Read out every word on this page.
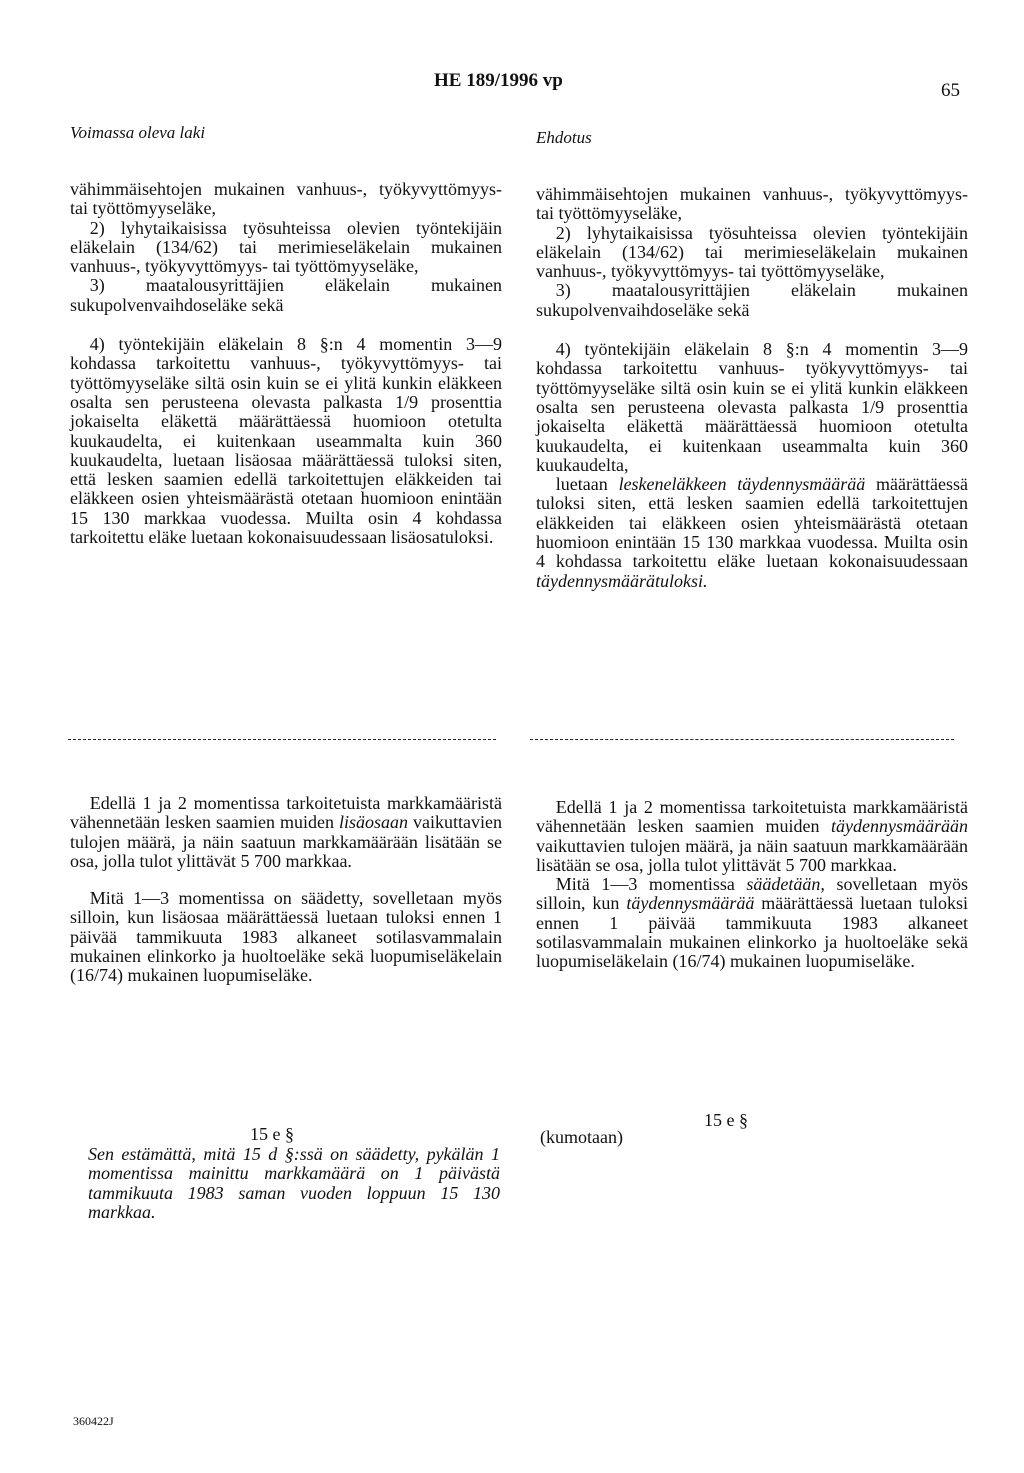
HE 189/1996 vp	65
Voimassa oleva laki	Ehdotus

vähimmäisehtojen mukainen vanhuus-, työkyvyttömyys- tai työttömyyseläke,

2) lyhytaikaisissa työsuhteissa olevien työntekijäin eläkelain (134/62) tai merimieseläkelain mukainen vanhuus-, työkyvyttömyys- tai työttömyyseläke,

3) maatalousyrittäjien eläkelain mukainen sukupolvenvaihdoseläke sekä

4) työntekijäin eläkelain 8 §:n 4 momentin 3—9 kohdassa tarkoitettu vanhuus-, työkyvyttömyys- tai työttömyyseläke siltä osin kuin se ei ylitä kunkin eläkkeen osalta sen perusteena olevasta palkasta 1/9 prosenttia jokaiselta eläkettä määrättäessä huomioon otetulta kuukaudelta, ei kuitenkaan useammalta kuin 360 kuukaudelta, luetaan lisäosaa määrättäessä tuloksi siten, että lesken saamien edellä tarkoitettujen eläkkeiden tai eläkkeen osien yhteismäärästä otetaan huomioon enintään 15 130 markkaa vuodessa. Muilta osin 4 kohdassa tarkoitettu eläke luetaan kokonaisuudessaan lisäosatuloksi.

Edellä 1 ja 2 momentissa tarkoitetuista markkamääristä vähennetään lesken saamien muiden lisäosaan vaikuttavien tulojen määrä, ja näin saatuun markkamäärään lisätään se osa, jolla tulot ylittävät 5 700 markkaa.

Mitä 1—3 momentissa on säädetty, sovelletaan myös silloin, kun lisäosaa määrättäessä luetaan tuloksi ennen 1 päivää tammikuuta 1983 alkaneet sotilasvammalain mukainen elinkorko ja huoltoeläke sekä luopumiseläkelain (16/74) mukainen luopumiseläke.

15 e §

Sen estämättä, mitä 15 d §:ssä on säädetty, pykälän 1 momentissa mainittu markkamäärä on 1 päivästä tammikuuta 1983 saman vuoden loppuun 15 130 markkaa.

vähimmäisehtojen mukainen vanhuus-, työkyvyttömyys- tai työttömyyseläke,

2) lyhytaikaisissa työsuhteissa olevien työntekijäin eläkelain (134/62) tai merimieseläkelain mukainen vanhuus-, työkyvyttömyys- tai työttömyyseläke,

3) maatalousyrittäjien eläkelain mukainen sukupolvenvaihdoseläke sekä

4) työntekijäin eläkelain 8 §:n 4 momentin 3—9 kohdassa tarkoitettu vanhuus- työkyvyttömyys- tai työttömyyseläke siltä osin kuin se ei ylitä kunkin eläkkeen osalta sen perusteena olevasta palkasta 1/9 prosenttia jokaiselta eläkettä määrättäessä huomioon otetulta kuukaudelta, ei kuitenkaan useammalta kuin 360 kuukaudelta,

luetaan leskeneläkkeen täydennysmäärää määrättäessä tuloksi siten, että lesken saamien edellä tarkoitettujen eläkkeiden tai eläkkeen osien yhteismäärästä otetaan huomioon enintään 15 130 markkaa vuodessa. Muilta osin 4 kohdassa tarkoitettu eläke luetaan kokonaisuudessaan täydennysmäärätuloksi.

Edellä 1 ja 2 momentissa tarkoitetuista markkamääristä vähennetään lesken saamien muiden täydennysmäärään vaikuttavien tulojen määrä, ja näin saatuun markkamäärään lisätään se osa, jolla tulot ylittävät 5 700 markkaa.

Mitä 1—3 momentissa säädetään, sovelletaan myös silloin, kun täydennysmäärää määrättäessä luetaan tuloksi ennen 1 päivää tammikuuta 1983 alkaneet sotilasvammalain mukainen elinkorko ja huoltoeläke sekä luopumiseläkelain (16/74) mukainen luopumiseläke.

(kumotaan)
15 e §
360422J
